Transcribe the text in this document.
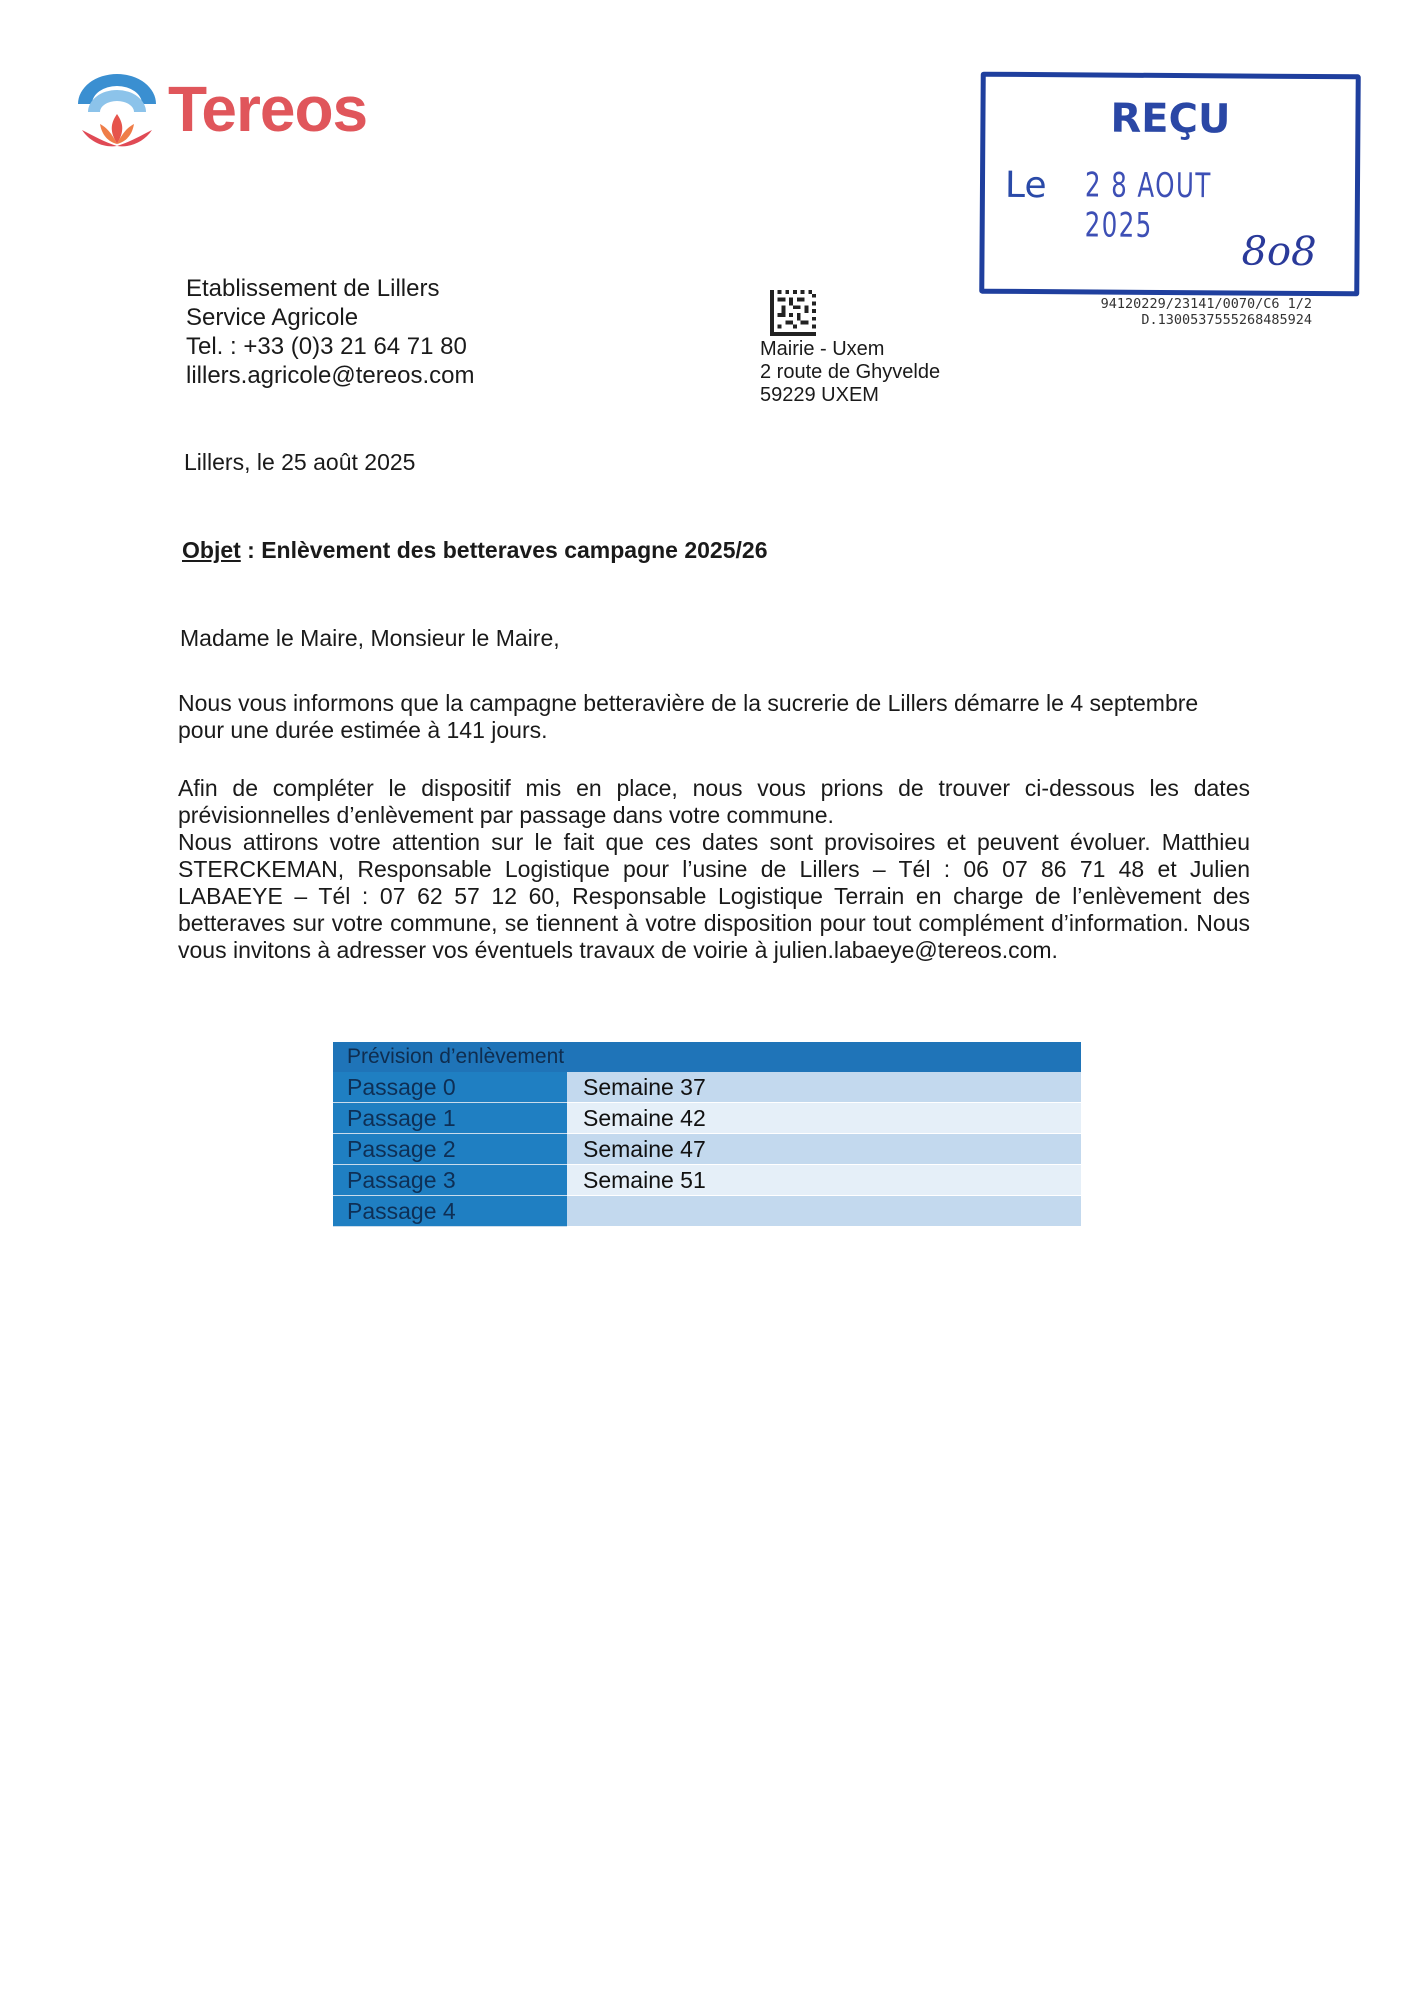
Tereos	REÇU
Le 2 8 AOUT 2025
8o8
94120229/23141/0070/C6 1/2
D.1300537555268485924
Etablissement de Lillers
Service Agricole
Tel. : +33 (0)3 21 64 71 80
lillers.agricole@tereos.com
Mairie - Uxem
2 route de Ghyvelde
59229 UXEM
Lillers, le 25 août 2025
Objet : Enlèvement des betteraves campagne 2025/26
Madame le Maire, Monsieur le Maire,
Nous vous informons que la campagne betteravière de la sucrerie de Lillers démarre le 4 septembre pour une durée estimée à 141 jours.
Afin de compléter le dispositif mis en place, nous vous prions de trouver ci-dessous les dates prévisionnelles d’enlèvement par passage dans votre commune.
Nous attirons votre attention sur le fait que ces dates sont provisoires et peuvent évoluer. Matthieu STERCKEMAN, Responsable Logistique pour l’usine de Lillers – Tél : 06 07 86 71 48 et Julien LABAEYE – Tél : 07 62 57 12 60, Responsable Logistique Terrain en charge de l’enlèvement des betteraves sur votre commune, se tiennent à votre disposition pour tout complément d’information. Nous vous invitons à adresser vos éventuels travaux de voirie à julien.labaeye@tereos.com.
Prévision d’enlèvement	
Passage 0	Semaine 37
Passage 1	Semaine 42
Passage 2	Semaine 47
Passage 3	Semaine 51
Passage 4	
